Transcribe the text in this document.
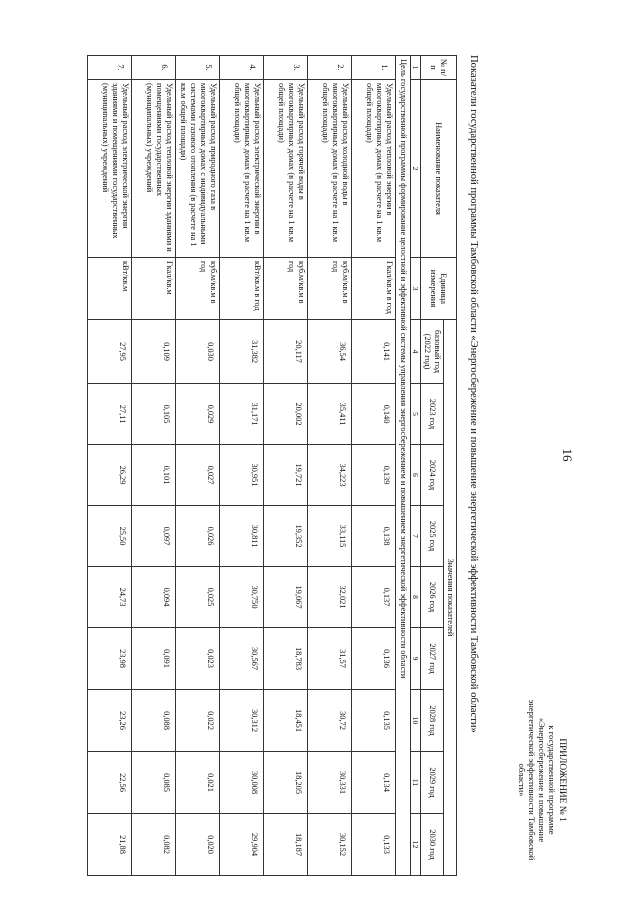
16
ПРИЛОЖЕНИЕ № 1
к государственной программе
«Энергосбережение и повышение
энергетической эффективности Тамбовской
области»
Показатели государственной программы Тамбовской области «Энергосбережение и повышение энергетической эффективности Тамбовской области»
№ п/п	Наименование показателя	Единица измерения	Значения показателей								
			базовый год (2022 год)	2023 год	2024 год	2025 год	2026 год	2027 год	2028 год	2029 год	2030 год
1	2	3	4	5	6	7	8	9	10	11	12
Цель государственной программы формирование целостной и эффективной системы управления энергосбережением и повышением энергетической эффективности области											
1.	Удельный расход тепловой энергии в многоквартирных домах (в расчете на 1 кв.м общей площади)	Гкал/кв.м в год	0,141	0,140	0,139	0,138	0,137	0,136	0,135	0,134	0,133
2.	Удельный расход холодной воды в многоквартирных домах (в расчете на 1 кв.м общей площади)	куб.м/кв.м в год	36,54	35,411	34,223	33,115	32,021	31,57	30,72	30,331	30,152
3.	Удельный расход горячей воды в многоквартирных домах (в расчете на 1 кв.м общей площади)	куб.м/кв.м в год	20,117	20,002	19,721	19,352	19,067	18,783	18,451	18,205	18,187
4.	Удельный расход электрической энергии в многоквартирных домах (в расчете на 1 кв.м общей площади)	кВт/кв.м в год	31,382	31,171	30,951	30,811	30,750	30,567	30,312	30,008	29,904
5.	Удельный расход природного газа в многоквартирных домах с индивидуальными системами газового отопления (в расчете на 1 кв.м общей площади)	куб.м/кв.м в год	0,030	0,029	0,027	0,026	0,025	0,023	0,022	0,021	0,020
6.	Удельный расход тепловой энергии зданиями и помещениями государственных (муниципальных) учреждений	Гкал/кв.м	0,109	0,105	0,101	0,097	0,094	0,091	0,088	0,085	0,082
7.	Удельный расход электрической энергии зданиями и помещениями государственных (муниципальных) учреждений	кВт/кв.м	27,95	27,11	26,29	25,50	24,73	23,98	23,26	22,56	21,88
